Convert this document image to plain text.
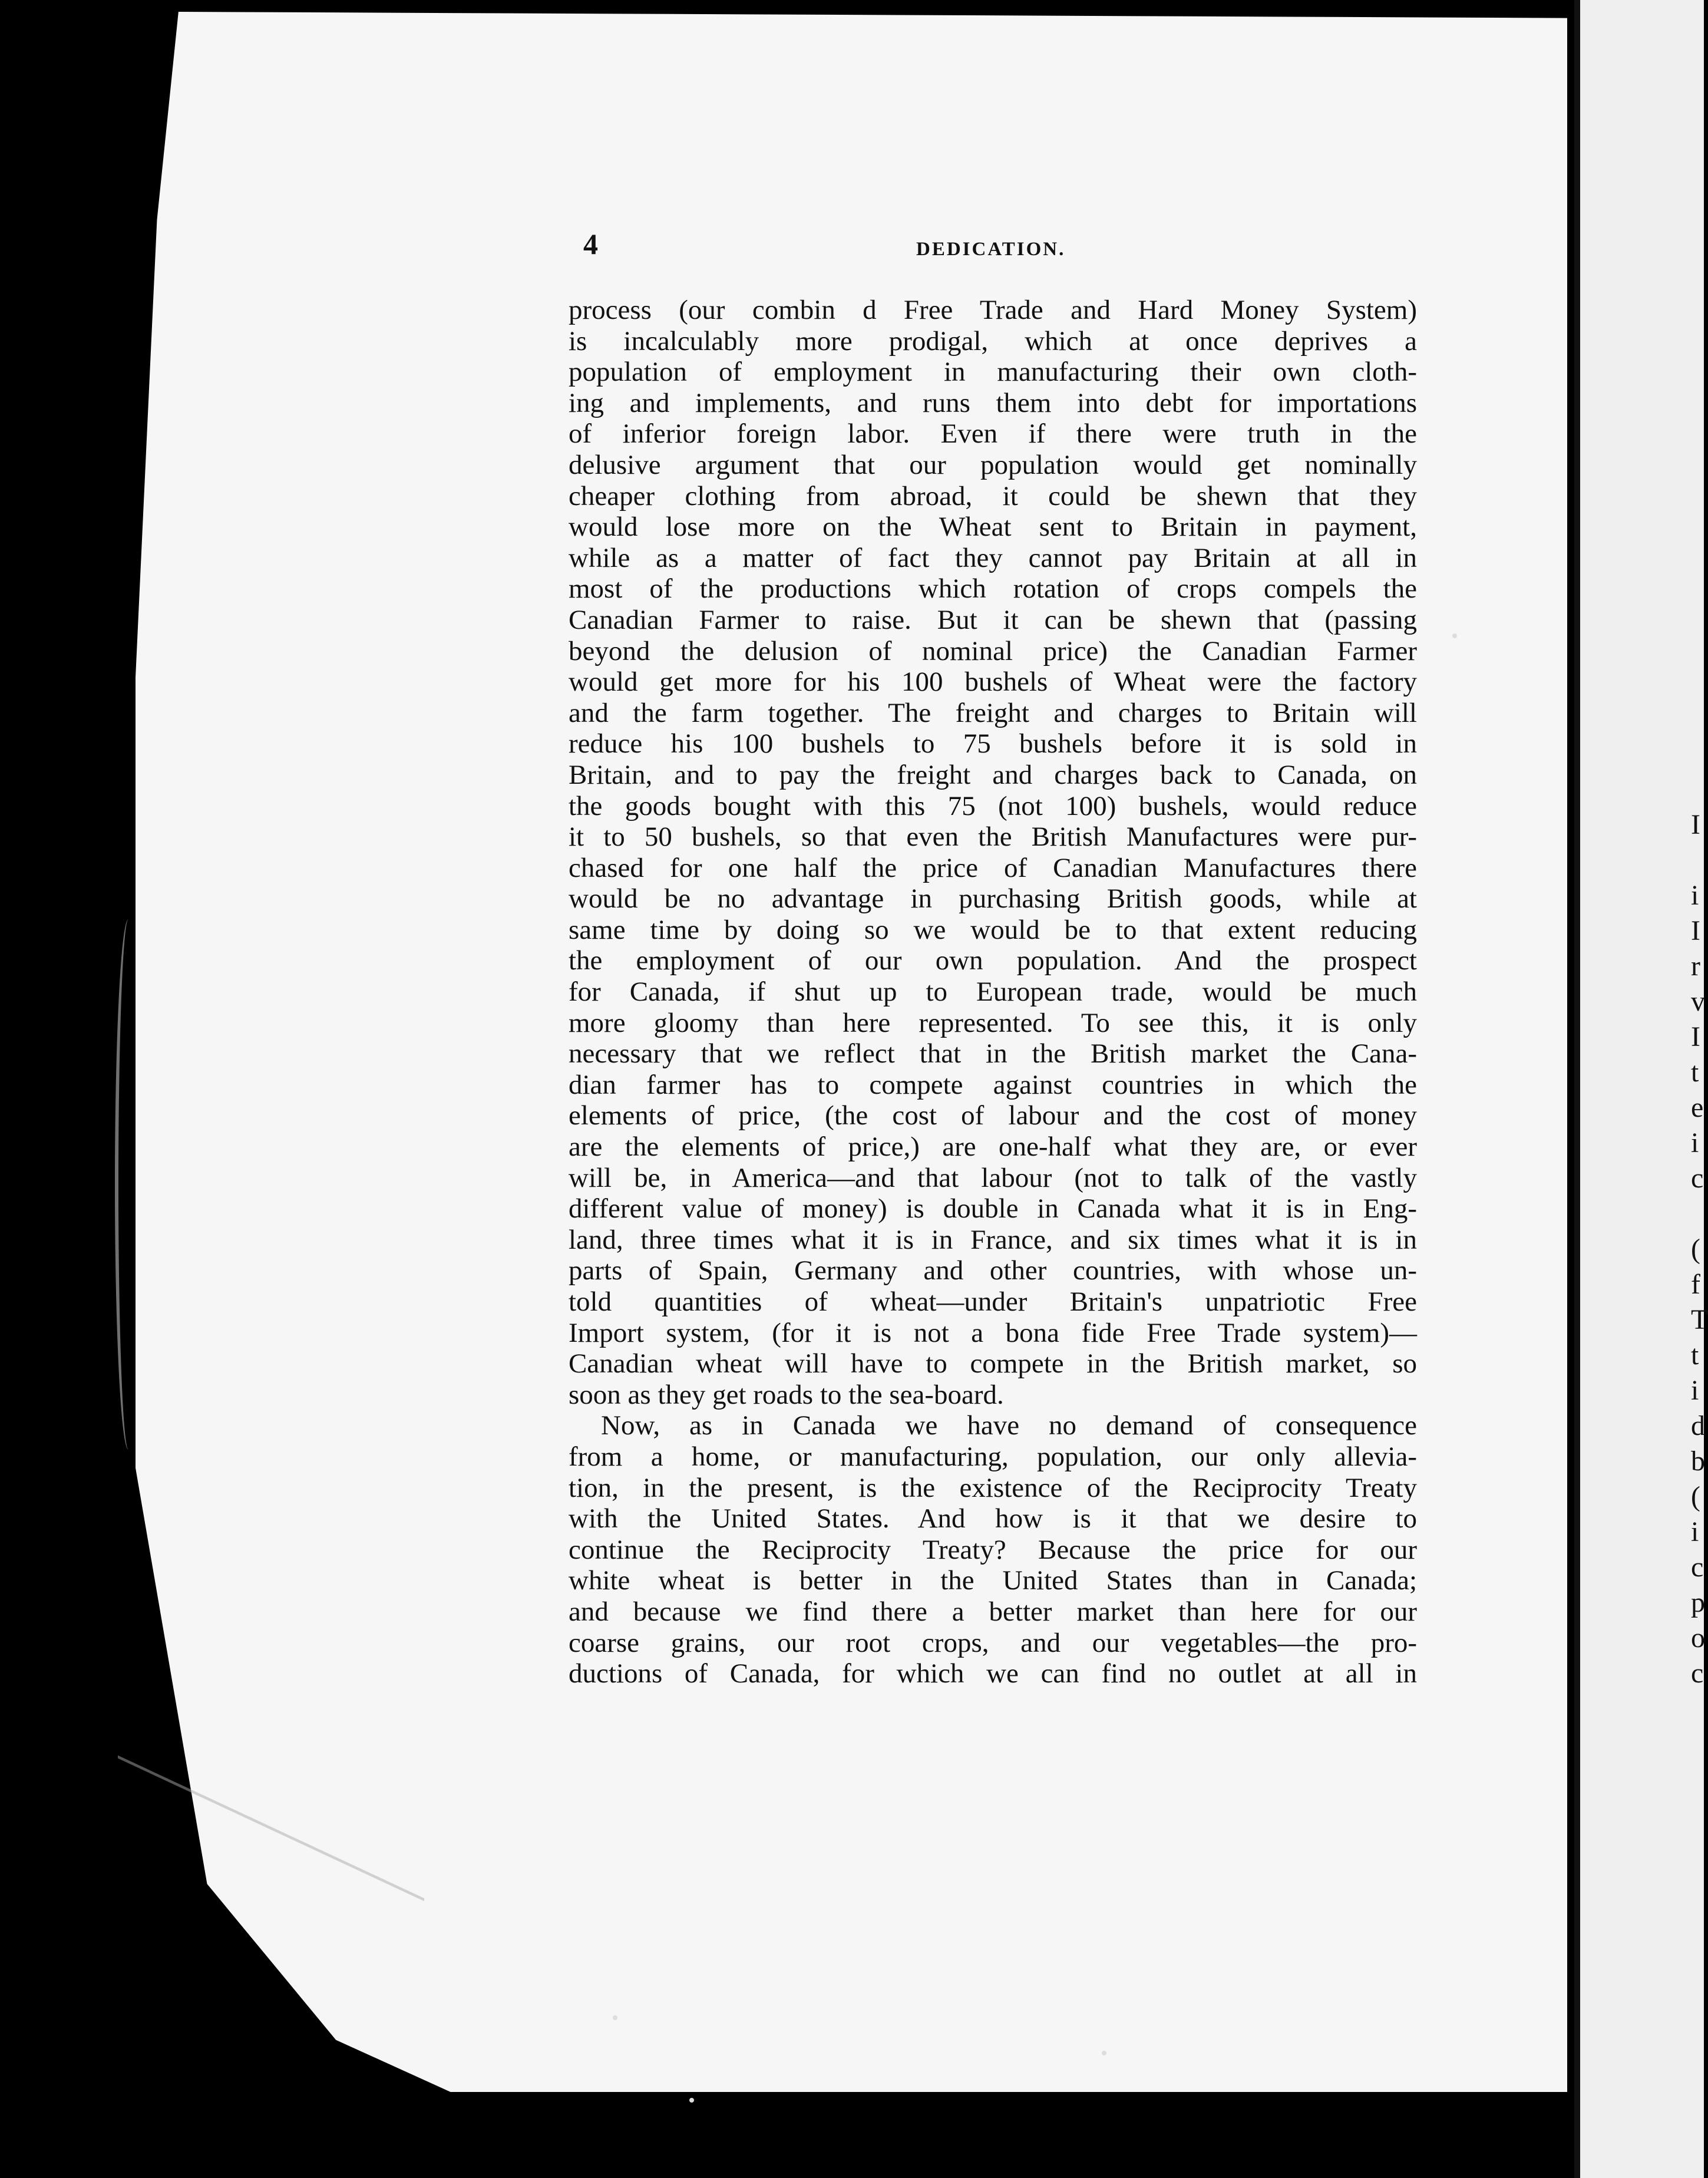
I

i
I
r
v
I
t
e
i
c

(
f
T
t
i
d
b
(
i
c
p
o
c
4	DEDICATION.
process (our combin d Free Trade and Hard Money System)
is incalculably more prodigal, which at once deprives a
population of employment in manufacturing their own cloth-
ing and implements, and runs them into debt for importations
of inferior foreign labor. Even if there were truth in the
delusive argument that our population would get nominally
cheaper clothing from abroad, it could be shewn that they
would lose more on the Wheat sent to Britain in payment,
while as a matter of fact they cannot pay Britain at all in
most of the productions which rotation of crops compels the
Canadian Farmer to raise. But it can be shewn that (passing
beyond the delusion of nominal price) the Canadian Farmer
would get more for his 100 bushels of Wheat were the factory
and the farm together. The freight and charges to Britain will
reduce his 100 bushels to 75 bushels before it is sold in
Britain, and to pay the freight and charges back to Canada, on
the goods bought with this 75 (not 100) bushels, would reduce
it to 50 bushels, so that even the British Manufactures were pur-
chased for one half the price of Canadian Manufactures there
would be no advantage in purchasing British goods, while at
same time by doing so we would be to that extent reducing
the employment of our own population. And the prospect
for Canada, if shut up to European trade, would be much
more gloomy than here represented. To see this, it is only
necessary that we reflect that in the British market the Cana-
dian farmer has to compete against countries in which the
elements of price, (the cost of labour and the cost of money
are the elements of price,) are one-half what they are, or ever
will be, in America—and that labour (not to talk of the vastly
different value of money) is double in Canada what it is in Eng-
land, three times what it is in France, and six times what it is in
parts of Spain, Germany and other countries, with whose un-
told quantities of wheat—under Britain's unpatriotic Free
Import system, (for it is not a bona fide Free Trade system)—
Canadian wheat will have to compete in the British market, so
soon as they get roads to the sea-board.
Now, as in Canada we have no demand of consequence
from a home, or manufacturing, population, our only allevia-
tion, in the present, is the existence of the Reciprocity Treaty
with the United States. And how is it that we desire to
continue the Reciprocity Treaty? Because the price for our
white wheat is better in the United States than in Canada;
and because we find there a better market than here for our
coarse grains, our root crops, and our vegetables—the pro-
ductions of Canada, for which we can find no outlet at all in
